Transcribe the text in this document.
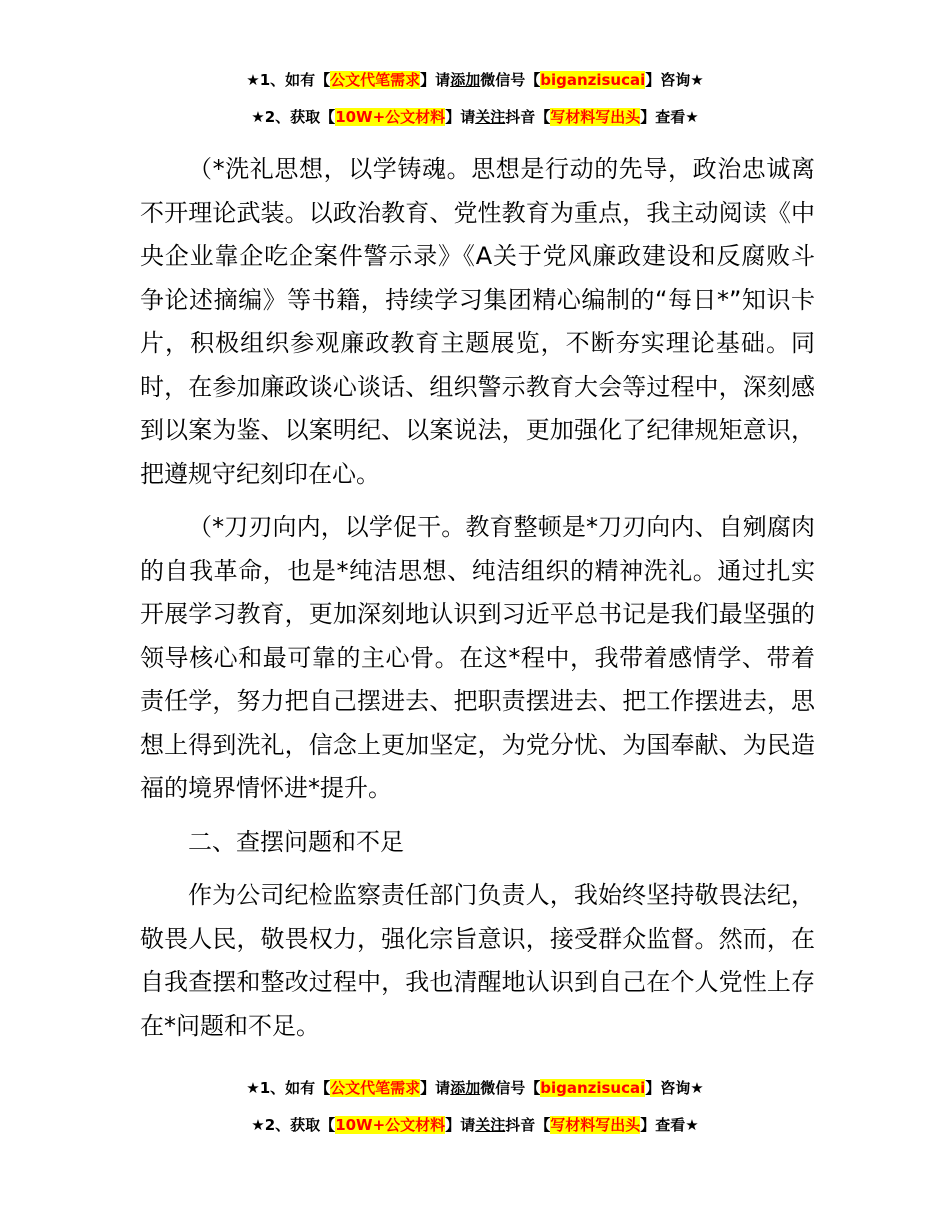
★1、如有【公文代笔需求】请添加微信号【biganzisucai】咨询★
★2、获取【10W+公文材料】请关注抖音【写材料写出头】查看★

（*洗礼思想，以学铸魂。思想是行动的先导，政治忠诚离不开理论武装。以政治教育、党性教育为重点，我主动阅读《中央企业靠企吃企案件警示录》《A关于党风廉政建设和反腐败斗争论述摘编》等书籍，持续学习集团精心编制的“每日*”知识卡片，积极组织参观廉政教育主题展览，不断夯实理论基础。同时，在参加廉政谈心谈话、组织警示教育大会等过程中，深刻感到以案为鉴、以案明纪、以案说法，更加强化了纪律规矩意识，把遵规守纪刻印在心。

（*刀刃向内，以学促干。教育整顿是*刀刃向内、自剜腐肉的自我革命，也是*纯洁思想、纯洁组织的精神洗礼。通过扎实开展学习教育，更加深刻地认识到习近平总书记是我们最坚强的领导核心和最可靠的主心骨。在这*程中，我带着感情学、带着责任学，努力把自己摆进去、把职责摆进去、把工作摆进去，思想上得到洗礼，信念上更加坚定，为党分忧、为国奉献、为民造福的境界情怀进*提升。

二、查摆问题和不足

作为公司纪检监察责任部门负责人，我始终坚持敬畏法纪，敬畏人民，敬畏权力，强化宗旨意识，接受群众监督。然而，在自我查摆和整改过程中，我也清醒地认识到自己在个人党性上存在*问题和不足。

★1、如有【公文代笔需求】请添加微信号【biganzisucai】咨询★
★2、获取【10W+公文材料】请关注抖音【写材料写出头】查看★
